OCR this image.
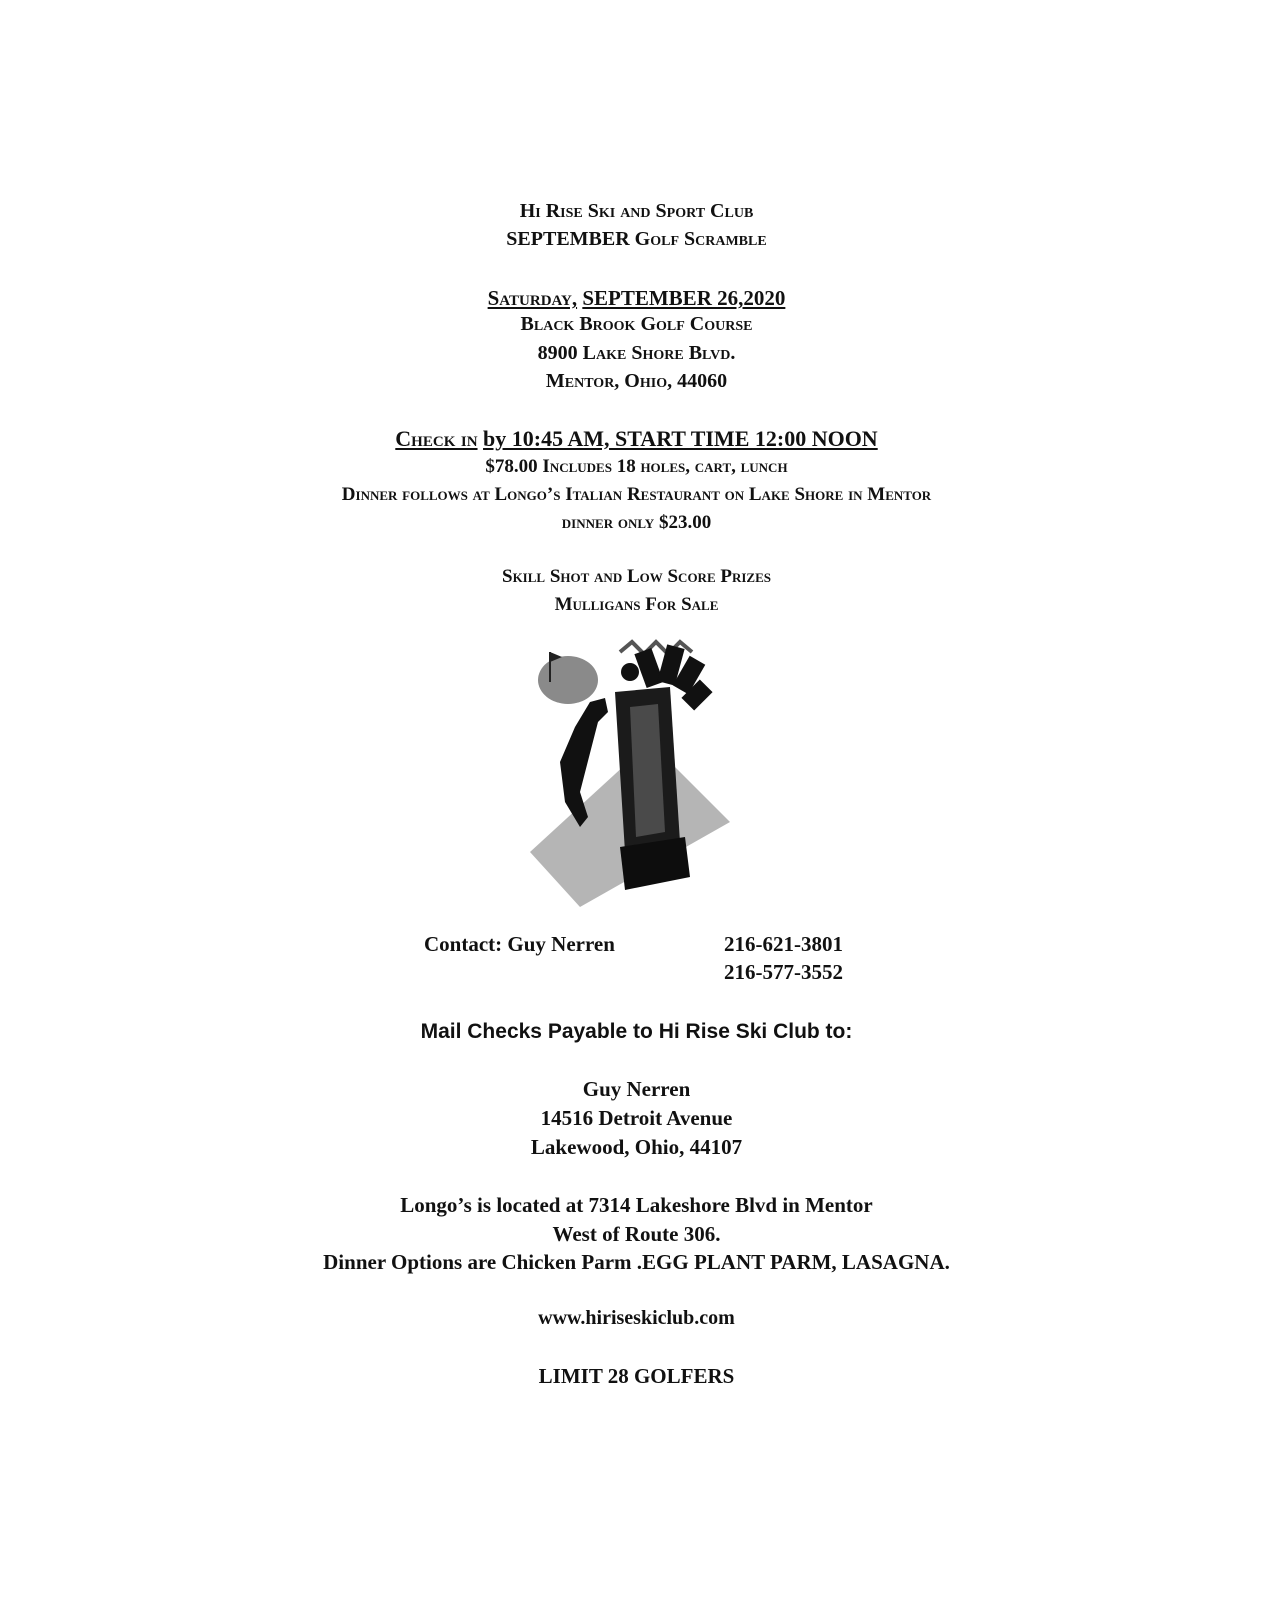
Hi Rise Ski and Sport Club
SEPTEMBER Golf Scramble
Saturday, SEPTEMBER 26,2020
Black Brook Golf Course
8900 Lake Shore Blvd.
Mentor, Ohio, 44060
Check in by 10:45 AM, START TIME 12:00 NOON
$78.00 Includes 18 holes, cart, lunch
Dinner follows at Longo’s Italian Restaurant on Lake Shore in Mentor
dinner only $23.00
Skill Shot and Low Score Prizes
Mulligans For Sale
Contact: Guy Nerren	216-621-3801
216-577-3552
Mail Checks Payable to Hi Rise Ski Club to:
Guy Nerren
14516 Detroit Avenue
Lakewood, Ohio, 44107
Longo’s is located at 7314 Lakeshore Blvd in Mentor
West of Route 306.
Dinner Options are Chicken Parm .EGG PLANT PARM, LASAGNA.
www.hiriseskiclub.com
LIMIT 28 GOLFERS
